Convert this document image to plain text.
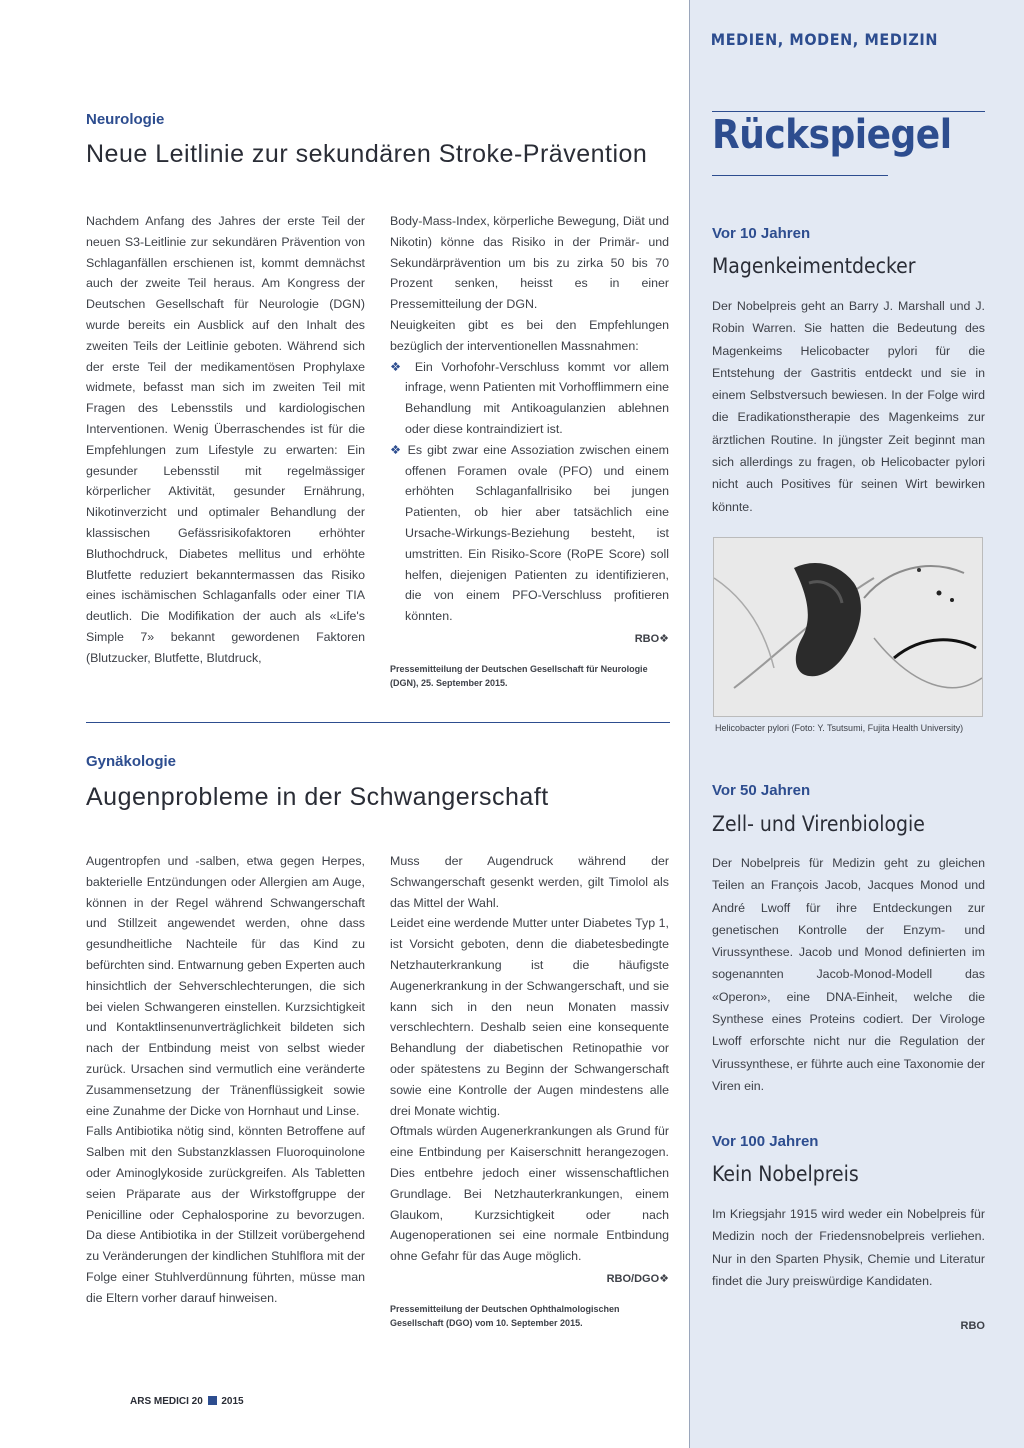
MEDIEN, MODEN, MEDIZIN
Neurologie
Neue Leitlinie zur sekundären Stroke-Prävention

Nachdem Anfang des Jahres der erste Teil der neuen S3-Leitlinie zur sekundären Prävention von Schlaganfällen erschienen ist, kommt demnächst auch der zweite Teil heraus. Am Kongress der Deutschen Gesellschaft für Neurologie (DGN) wurde bereits ein Ausblick auf den Inhalt des zweiten Teils der Leitlinie geboten. Während sich der erste Teil der medikamentösen Prophylaxe widmete, befasst man sich im zweiten Teil mit Fragen des Lebensstils und kardiologischen Interventionen. Wenig Überraschendes ist für die Empfehlungen zum Lifestyle zu erwarten: Ein gesunder Lebensstil mit regelmässiger körperlicher Aktivität, gesunder Ernährung, Nikotinverzicht und optimaler Behandlung der klassischen Gefässrisikofaktoren erhöhter Bluthochdruck, Diabetes mellitus und erhöhte Blutfette reduziert bekanntermassen das Risiko eines ischämischen Schlaganfalls oder einer TIA deutlich. Die Modifikation der auch als «Life's Simple 7» bekannt gewordenen Faktoren (Blutzucker, Blutfette, Blutdruck,

Body-Mass-Index, körperliche Bewegung, Diät und Nikotin) könne das Risiko in der Primär- und Sekundärprävention um bis zu zirka 50 bis 70 Prozent senken, heisst es in einer Pressemitteilung der DGN.

Neuigkeiten gibt es bei den Empfehlungen bezüglich der interventionellen Massnahmen:

❖ Ein Vorhofohr-Verschluss kommt vor allem infrage, wenn Patienten mit Vorhofflimmern eine Behandlung mit Antikoagulanzien ablehnen oder diese kontraindiziert ist.

❖ Es gibt zwar eine Assoziation zwischen einem offenen Foramen ovale (PFO) und einem erhöhten Schlaganfallrisiko bei jungen Patienten, ob hier aber tatsächlich eine Ursache-Wirkungs-Beziehung besteht, ist umstritten. Ein Risiko-Score (RoPE Score) soll helfen, diejenigen Patienten zu identifizieren, die von einem PFO-Verschluss profitieren könnten.

RBO❖
Pressemitteilung der Deutschen Gesellschaft für Neurologie (DGN), 25. September 2015.
Gynäkologie
Augenprobleme in der Schwangerschaft

Augentropfen und -salben, etwa gegen Herpes, bakterielle Entzündungen oder Allergien am Auge, können in der Regel während Schwangerschaft und Stillzeit angewendet werden, ohne dass gesundheitliche Nachteile für das Kind zu befürchten sind. Entwarnung geben Experten auch hinsichtlich der Sehverschlechterungen, die sich bei vielen Schwangeren einstellen. Kurzsichtigkeit und Kontaktlinsenunverträglichkeit bildeten sich nach der Entbindung meist von selbst wieder zurück. Ursachen sind vermutlich eine veränderte Zusammensetzung der Tränenflüssigkeit sowie eine Zunahme der Dicke von Hornhaut und Linse.

Falls Antibiotika nötig sind, könnten Betroffene auf Salben mit den Substanzklassen Fluoroquinolone oder Aminoglykoside zurückgreifen. Als Tabletten seien Präparate aus der Wirkstoffgruppe der Penicilline oder Cephalosporine zu bevorzugen. Da diese Antibiotika in der Stillzeit vorübergehend zu Veränderungen der kindlichen Stuhlflora mit der Folge einer Stuhlverdünnung führten, müsse man die Eltern vorher darauf hinweisen.

Muss der Augendruck während der Schwangerschaft gesenkt werden, gilt Timolol als das Mittel der Wahl.

Leidet eine werdende Mutter unter Diabetes Typ 1, ist Vorsicht geboten, denn die diabetesbedingte Netzhauterkrankung ist die häufigste Augenerkrankung in der Schwangerschaft, und sie kann sich in den neun Monaten massiv verschlechtern. Deshalb seien eine konsequente Behandlung der diabetischen Retinopathie vor oder spätestens zu Beginn der Schwangerschaft sowie eine Kontrolle der Augen mindestens alle drei Monate wichtig.

Oftmals würden Augenerkrankungen als Grund für eine Entbindung per Kaiserschnitt herangezogen. Dies entbehre jedoch einer wissenschaftlichen Grundlage. Bei Netzhauterkrankungen, einem Glaukom, Kurzsichtigkeit oder nach Augenoperationen sei eine normale Entbindung ohne Gefahr für das Auge möglich.

RBO/DGO❖
Pressemitteilung der Deutschen Ophthalmologischen Gesellschaft (DGO) vom 10. September 2015.
Rückspiegel
Vor 10 Jahren
Magenkeimentdecker
Der Nobelpreis geht an Barry J. Marshall und J. Robin Warren. Sie hatten die Bedeutung des Magenkeims Helicobacter pylori für die Entstehung der Gastritis entdeckt und sie in einem Selbstversuch bewiesen. In der Folge wird die Eradikationstherapie des Magenkeims zur ärztlichen Routine. In jüngster Zeit beginnt man sich allerdings zu fragen, ob Helicobacter pylori nicht auch Positives für seinen Wirt bewirken könnte.
Helicobacter pylori (Foto: Y. Tsutsumi, Fujita Health University)
Vor 50 Jahren
Zell- und Virenbiologie
Der Nobelpreis für Medizin geht zu gleichen Teilen an François Jacob, Jacques Monod und André Lwoff für ihre Entdeckungen zur genetischen Kontrolle der Enzym- und Virussynthese. Jacob und Monod definierten im sogenannten Jacob-Monod-Modell das «Operon», eine DNA-Einheit, welche die Synthese eines Proteins codiert. Der Virologe Lwoff erforschte nicht nur die Regulation der Virussynthese, er führte auch eine Taxonomie der Viren ein.
Vor 100 Jahren
Kein Nobelpreis
Im Kriegsjahr 1915 wird weder ein Nobelpreis für Medizin noch der Friedensnobelpreis verliehen. Nur in den Sparten Physik, Chemie und Literatur findet die Jury preiswürdige Kandidaten.
RBO
ARS MEDICI 20 2015
